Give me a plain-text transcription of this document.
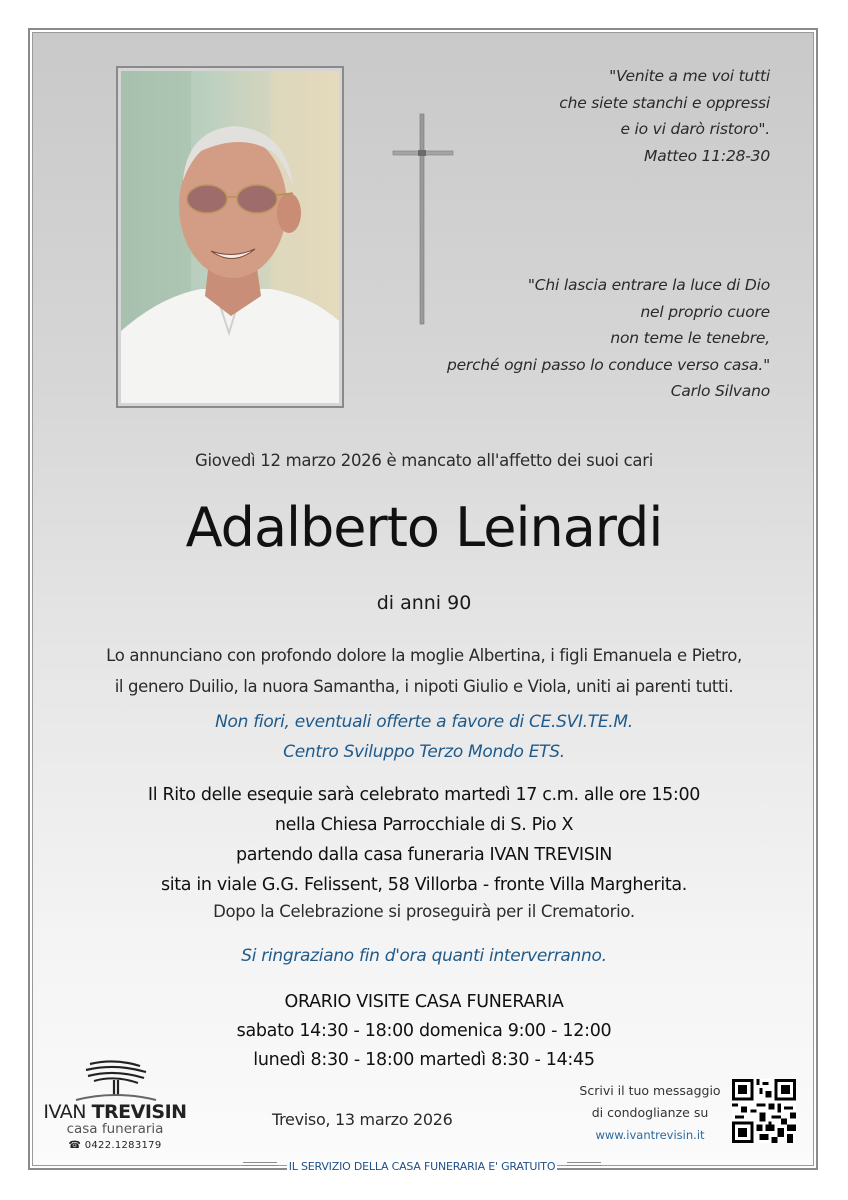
"Venite a me voi tutti
che siete stanchi e oppressi
e io vi darò ristoro".
Matteo 11:28-30
"Chi lascia entrare la luce di Dio
nel proprio cuore
non teme le tenebre,
perché ogni passo lo conduce verso casa."
Carlo Silvano
Giovedì 12 marzo 2026 è mancato all'affetto dei suoi cari
Adalberto Leinardi
di anni 90
Lo annunciano con profondo dolore la moglie Albertina, i figli Emanuela e Pietro,
il genero Duilio, la nuora Samantha, i nipoti Giulio e Viola, uniti ai parenti tutti.
Non fiori, eventuali offerte a favore di CE.SVI.TE.M.
Centro Sviluppo Terzo Mondo ETS.
Il Rito delle esequie sarà celebrato martedì 17 c.m. alle ore 15:00
nella Chiesa Parrocchiale di S. Pio X
partendo dalla casa funeraria IVAN TREVISIN
sita in viale G.G. Felissent, 58 Villorba - fronte Villa Margherita.
Dopo la Celebrazione si proseguirà per il Crematorio.
Si ringraziano fin d'ora quanti interverranno.
ORARIO VISITE CASA FUNERARIA
sabato 14:30 - 18:00 domenica 9:00 - 12:00
lunedì 8:30 - 18:00 martedì 8:30 - 14:45
IVAN TREVISIN
casa funeraria
☎ 0422.1283179
Treviso, 13 marzo 2026
Scrivi il tuo messaggio
di condoglianze su
www.ivantrevisin.it
IL SERVIZIO DELLA CASA FUNERARIA E' GRATUITO
